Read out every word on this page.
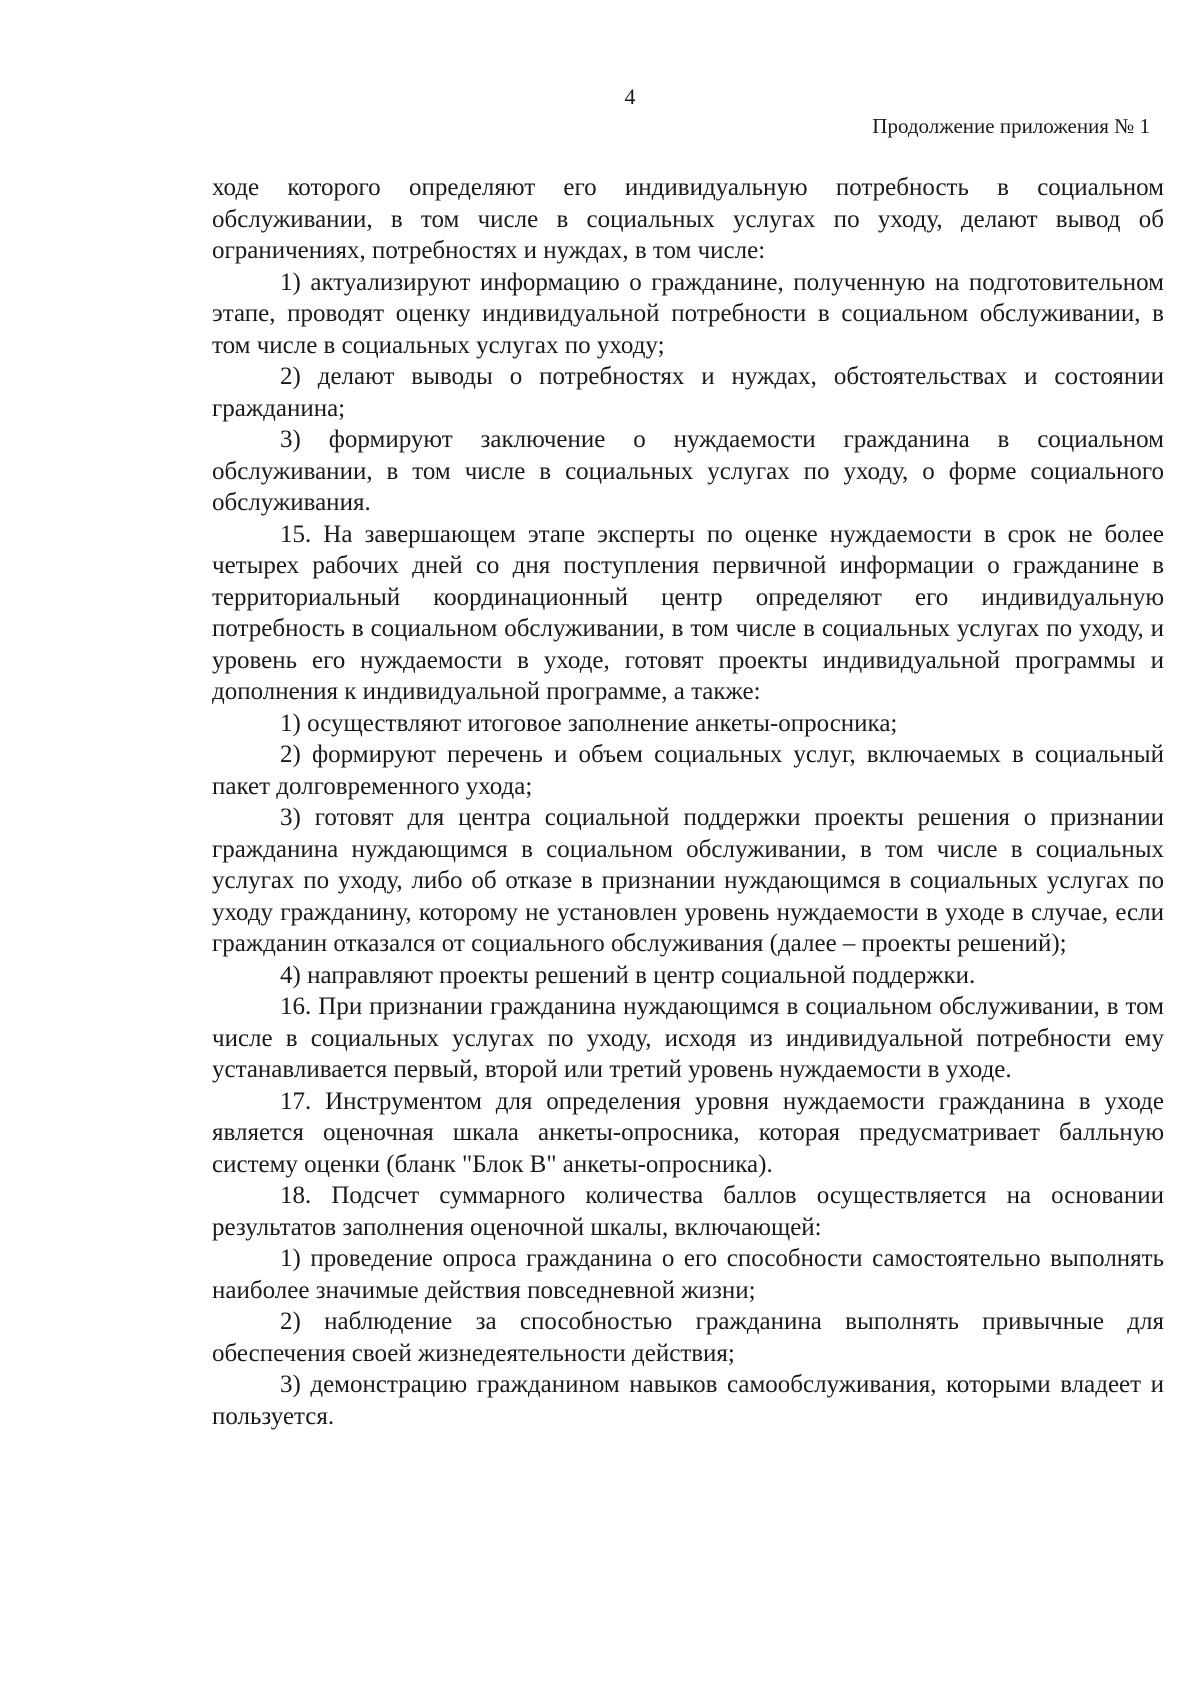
4
Продолжение приложения № 1

ходе которого определяют его индивидуальную потребность в социальном обслуживании, в том числе в социальных услугах по уходу, делают вывод об ограничениях, потребностях и нуждах, в том числе:

1) актуализируют информацию о гражданине, полученную на подготовительном этапе, проводят оценку индивидуальной потребности в социальном обслуживании, в том числе в социальных услугах по уходу;

2) делают выводы о потребностях и нуждах, обстоятельствах и состоянии гражданина;

3) формируют заключение о нуждаемости гражданина в социальном обслуживании, в том числе в социальных услугах по уходу, о форме социального обслуживания.

15. На завершающем этапе эксперты по оценке нуждаемости в срок не более четырех рабочих дней со дня поступления первичной информации о гражданине в территориальный координационный центр определяют его индивидуальную потребность в социальном обслуживании, в том числе в социальных услугах по уходу, и уровень его нуждаемости в уходе, готовят проекты индивидуальной программы и дополнения к индивидуальной программе, а также:

1) осуществляют итоговое заполнение анкеты-опросника;

2) формируют перечень и объем социальных услуг, включаемых в социальный пакет долговременного ухода;

3) готовят для центра социальной поддержки проекты решения о признании гражданина нуждающимся в социальном обслуживании, в том числе в социальных услугах по уходу, либо об отказе в признании нуждающимся в социальных услугах по уходу гражданину, которому не установлен уровень нуждаемости в уходе в случае, если гражданин отказался от социального обслуживания (далее – проекты решений);

4) направляют проекты решений в центр социальной поддержки.

16. При признании гражданина нуждающимся в социальном обслуживании, в том числе в социальных услугах по уходу, исходя из индивидуальной потребности ему устанавливается первый, второй или третий уровень нуждаемости в уходе.

17. Инструментом для определения уровня нуждаемости гражданина в уходе является оценочная шкала анкеты-опросника, которая предусматривает балльную систему оценки (бланк "Блок В" анкеты-опросника).

18. Подсчет суммарного количества баллов осуществляется на основании результатов заполнения оценочной шкалы, включающей:

1) проведение опроса гражданина о его способности самостоятельно выполнять наиболее значимые действия повседневной жизни;

2) наблюдение за способностью гражданина выполнять привычные для обеспечения своей жизнедеятельности действия;

3) демонстрацию гражданином навыков самообслуживания, которыми владеет и пользуется.
